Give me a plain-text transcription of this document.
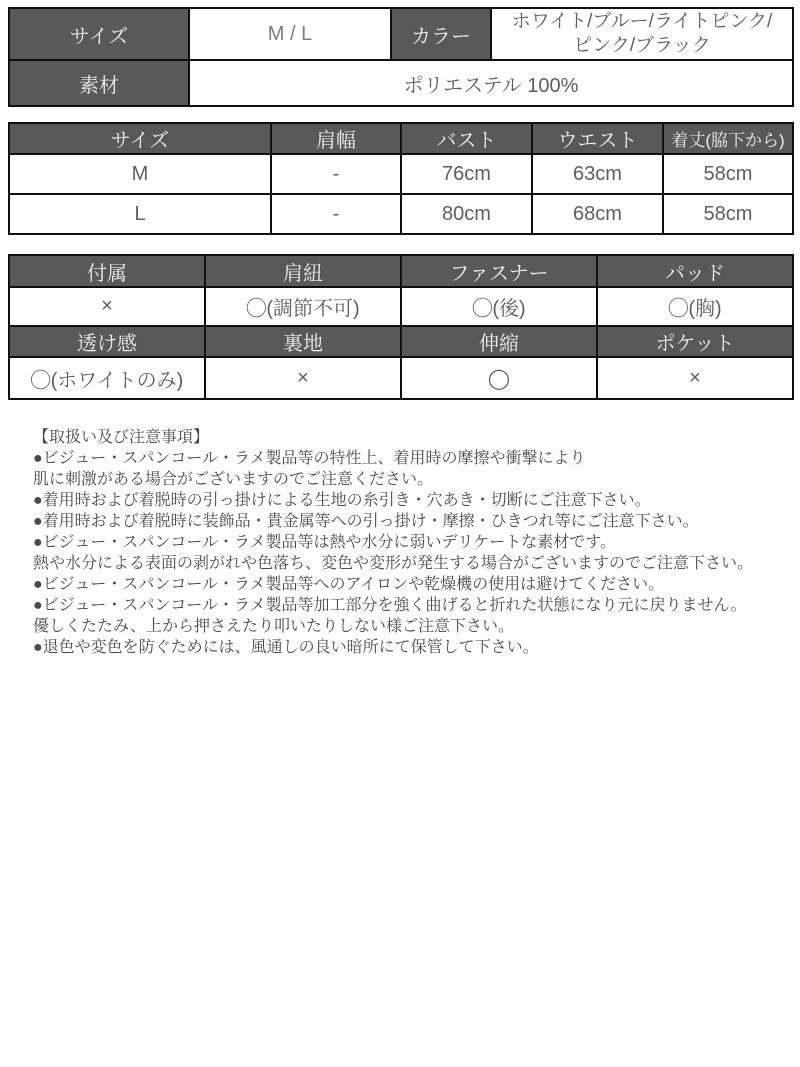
サイズ	M / L	カラー	ホワイト/ブルー/ライトピンク/ピンク/ブラック

素材	ポリエステル 100%		
サイズ	肩幅	バスト	ウエスト	着丈(脇下から)
M	-	76cm	63cm	58cm
L	-	80cm	68cm	58cm
付属	肩紐	ファスナー	パッド
×	◯(調節不可)	◯(後)	◯(胸)
透け感	裏地	伸縮	ポケット
◯(ホワイトのみ)	×	◯	×
【取扱い及び注意事項】
●ビジュー・スパンコール・ラメ製品等の特性上、着用時の摩擦や衝撃により
肌に刺激がある場合がございますのでご注意ください。
●着用時および着脱時の引っ掛けによる生地の糸引き・穴あき・切断にご注意下さい。
●着用時および着脱時に装飾品・貴金属等への引っ掛け・摩擦・ひきつれ等にご注意下さい。
●ビジュー・スパンコール・ラメ製品等は熱や水分に弱いデリケートな素材です。
熱や水分による表面の剥がれや色落ち、変色や変形が発生する場合がございますのでご注意下さい。
●ビジュー・スパンコール・ラメ製品等へのアイロンや乾燥機の使用は避けてください。
●ビジュー・スパンコール・ラメ製品等加工部分を強く曲げると折れた状態になり元に戻りません。
優しくたたみ、上から押さえたり叩いたりしない様ご注意下さい。
●退色や変色を防ぐためには、風通しの良い暗所にて保管して下さい。
